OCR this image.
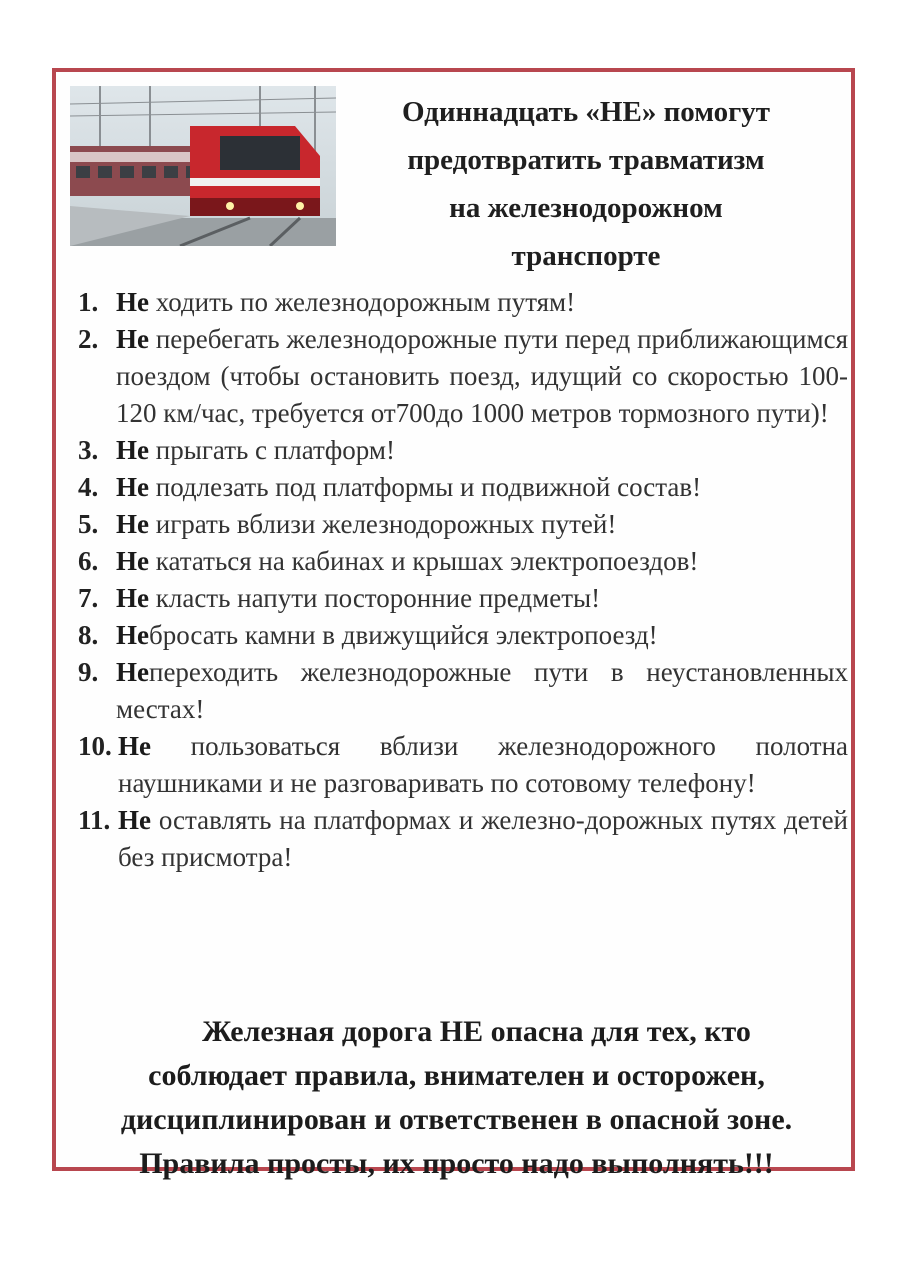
Одиннадцать «НЕ» помогут
предотвратить травматизм
на железнодорожном
транспорте
1. Не ходить по железнодорожным путям!
2. Не перебегать железнодорожные пути перед приближающимся поездом (чтобы остановить поезд, идущий со скоростью 100-120 км/час, требуется от700до 1000 метров тормозного пути)!
3. Не прыгать с платформ!
4. Не подлезать под платформы и подвижной состав!
5. Не играть вблизи железнодорожных путей!
6. Не кататься на кабинах и крышах электропоездов!
7. Не класть напути посторонние предметы!
8. Небросать камни в движущийся электропоезд!
9. Непереходить железнодорожные пути в неустановленных местах!
10. Не пользоваться вблизи железнодорожного полотна наушниками и не разговаривать по сотовому телефону!
11. Не оставлять на платформах и железно-дорожных путях детей без присмотра!
Железная дорога НЕ опасна для тех, кто
соблюдает правила, внимателен и осторожен,
дисциплинирован и ответственен в опасной зоне.
Правила просты, их просто надо выполнять!!!
